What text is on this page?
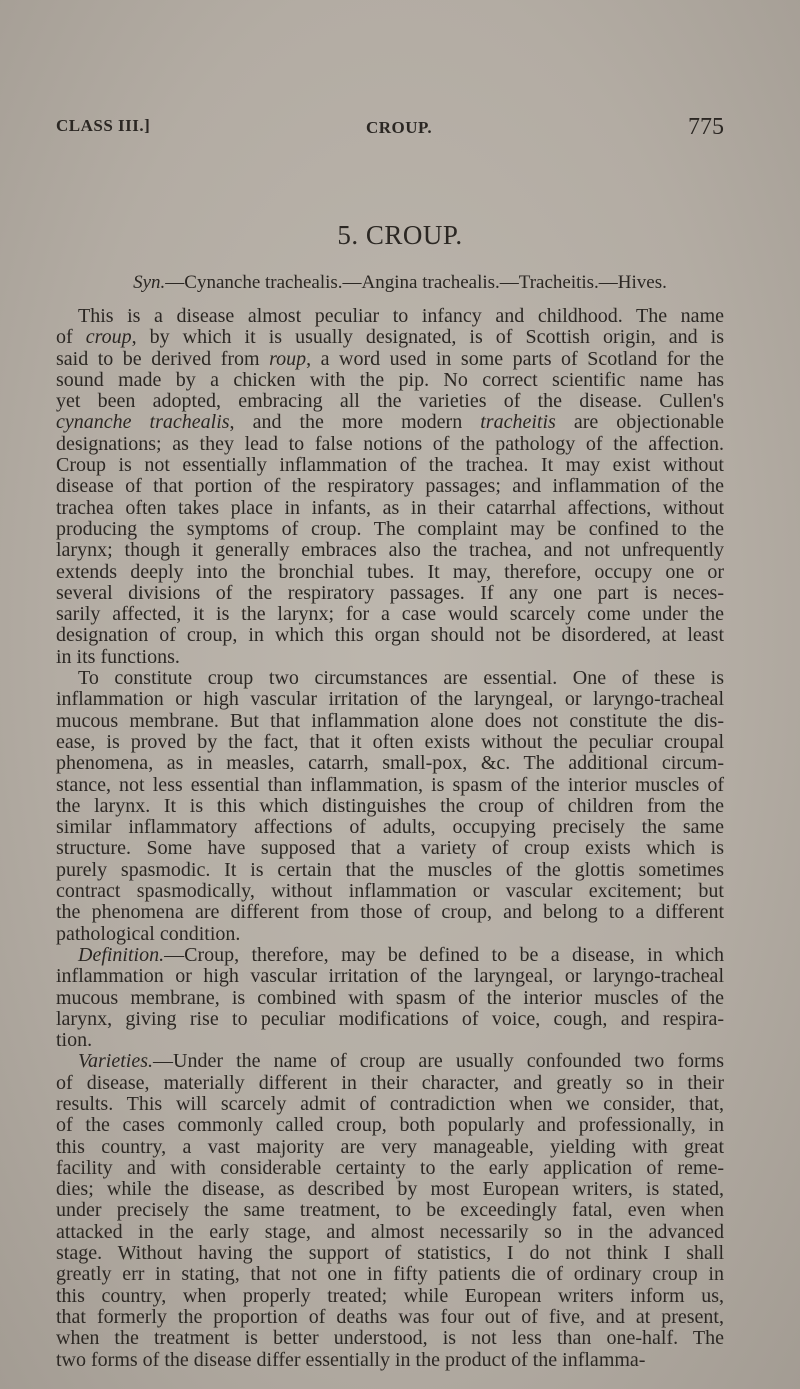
CLASS III.]	CROUP.	775
5. CROUP.
Syn.—Cynanche trachealis.—Angina trachealis.—Tracheitis.—Hives.
This is a disease almost peculiar to infancy and childhood. The name
of croup, by which it is usually designated, is of Scottish origin, and is
said to be derived from roup, a word used in some parts of Scotland for the
sound made by a chicken with the pip. No correct scientific name has
yet been adopted, embracing all the varieties of the disease. Cullen's
cynanche trachealis, and the more modern tracheitis are objectionable
designations; as they lead to false notions of the pathology of the affection.
Croup is not essentially inflammation of the trachea. It may exist without
disease of that portion of the respiratory passages; and inflammation of the
trachea often takes place in infants, as in their catarrhal affections, without
producing the symptoms of croup. The complaint may be confined to the
larynx; though it generally embraces also the trachea, and not unfrequently
extends deeply into the bronchial tubes. It may, therefore, occupy one or
several divisions of the respiratory passages. If any one part is neces-
sarily affected, it is the larynx; for a case would scarcely come under the
designation of croup, in which this organ should not be disordered, at least
in its functions.
To constitute croup two circumstances are essential. One of these is
inflammation or high vascular irritation of the laryngeal, or laryngo-tracheal
mucous membrane. But that inflammation alone does not constitute the dis-
ease, is proved by the fact, that it often exists without the peculiar croupal
phenomena, as in measles, catarrh, small-pox, &c. The additional circum-
stance, not less essential than inflammation, is spasm of the interior muscles of
the larynx. It is this which distinguishes the croup of children from the
similar inflammatory affections of adults, occupying precisely the same
structure. Some have supposed that a variety of croup exists which is
purely spasmodic. It is certain that the muscles of the glottis sometimes
contract spasmodically, without inflammation or vascular excitement; but
the phenomena are different from those of croup, and belong to a different
pathological condition.
Definition.—Croup, therefore, may be defined to be a disease, in which
inflammation or high vascular irritation of the laryngeal, or laryngo-tracheal
mucous membrane, is combined with spasm of the interior muscles of the
larynx, giving rise to peculiar modifications of voice, cough, and respira-
tion.
Varieties.—Under the name of croup are usually confounded two forms
of disease, materially different in their character, and greatly so in their
results. This will scarcely admit of contradiction when we consider, that,
of the cases commonly called croup, both popularly and professionally, in
this country, a vast majority are very manageable, yielding with great
facility and with considerable certainty to the early application of reme-
dies; while the disease, as described by most European writers, is stated,
under precisely the same treatment, to be exceedingly fatal, even when
attacked in the early stage, and almost necessarily so in the advanced
stage. Without having the support of statistics, I do not think I shall
greatly err in stating, that not one in fifty patients die of ordinary croup in
this country, when properly treated; while European writers inform us,
that formerly the proportion of deaths was four out of five, and at present,
when the treatment is better understood, is not less than one-half. The
two forms of the disease differ essentially in the product of the inflamma-
